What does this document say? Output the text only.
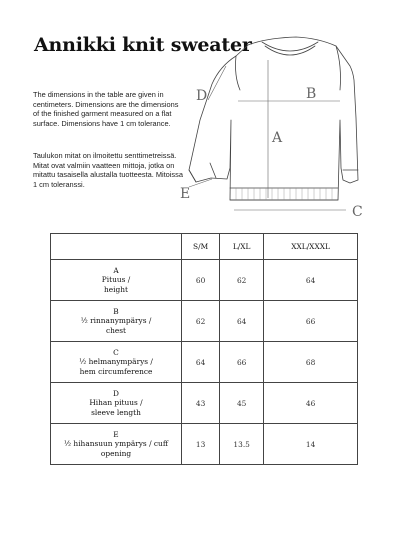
Annikki knit sweater
The dimensions in the table are given in centimeters. Dimensions are the dimensions of the finished garment measured on a flat surface. Dimensions have 1 cm tolerance.
Taulukon mitat on ilmoitettu senttimetreissä. Mitat ovat valmiin vaatteen mittoja, jotka on mitattu tasaisella alustalla tuotteesta. Mitoissa 1 cm toleranssi.
A
B
C
D
E
	S/M	L/XL	XXL/XXXL

A
Pituus /
height	60	62	64

B
½ rinnanympärys /
chest	62	64	66

C
½ helmanympärys /
hem circumference	64	66	68

D
Hihan pituus /
sleeve length	43	45	46

E
½ hihansuun ympärys / cuff
opening	13	13.5	14
